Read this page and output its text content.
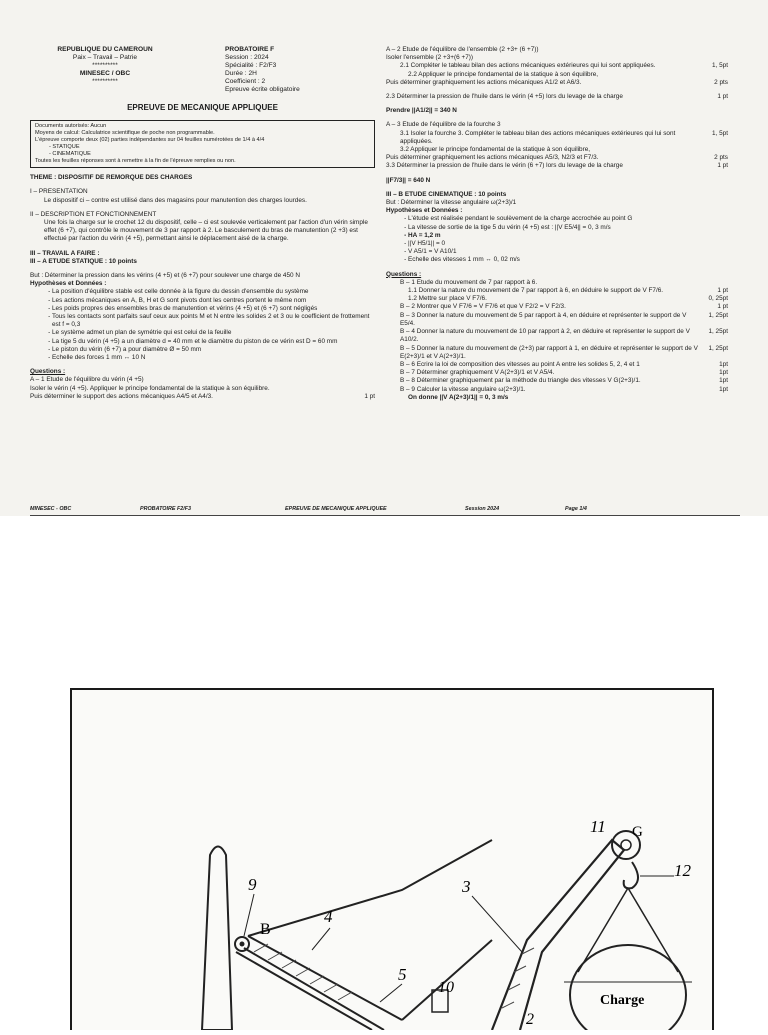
REPUBLIQUE DU CAMEROUN
Paix – Travail – Patrie
**********
MINESEC / OBC
**********
PROBATOIRE F
Session : 2024
Spécialité : F2/F3
Durée : 2H
Coefficient : 2
Epreuve écrite obligatoire
EPREUVE DE MECANIQUE APPLIQUEE
Documents autorisés: Aucun
Moyens de calcul: Calculatrice scientifique de poche non programmable.
L'épreuve comporte deux (02) parties indépendantes sur 04 feuilles numérotées de 1/4 à 4/4
- STATIQUE
- CINEMATIQUE
Toutes les feuilles réponses sont à remettre à la fin de l'épreuve remplies ou non.
THEME : DISPOSITIF DE REMORQUE DES CHARGES
I – PRESENTATION
Le dispositif ci – contre est utilisé dans des magasins pour manutention des charges lourdes.
II – DESCRIPTION ET FONCTIONNEMENT
Une fois la charge sur le crochet 12 du dispositif, celle – ci est soulevée verticalement par l'action d'un vérin simple effet (6 +7), qui contrôle le mouvement de 3 par rapport à 2. Le basculement du bras de manutention (2 +3) est effectué par l'action du vérin (4 +5), permettant ainsi le déplacement aisé de la charge.
III – TRAVAIL A FAIRE :
III – A ETUDE STATIQUE : 10 points
But : Déterminer la pression dans les vérins (4 +5) et (6 +7) pour soulever une charge de 450 N
Hypothèses et Données :
- La position d'équilibre stable est celle donnée à la figure du dessin d'ensemble du système
- Les actions mécaniques en A, B, H et G sont pivots dont les centres portent le même nom
- Les poids propres des ensembles bras de manutention et vérins (4 +5) et (6 +7) sont négligés
- Tous les contacts sont parfaits sauf ceux aux points M et N entre les solides 2 et 3 ou le coefficient de frottement est f = 0,3
- Le système admet un plan de symétrie qui est celui de la feuille
- La tige 5 du vérin (4 +5) a un diamètre d = 40 mm et le diamètre du piston de ce vérin est D = 60 mm
- Le piston du vérin (6 +7) a pour diamètre Ø = 50 mm
- Echelle des forces 1 mm ↔ 10 N
Questions :
A – 1 Etude de l'équilibre du vérin (4 +5)
Isoler le vérin (4 +5). Appliquer le principe fondamental de la statique à son équilibre.
Puis déterminer le support des actions mécaniques A4/5 et A4/3.	1 pt
A – 2 Etude de l'équilibre de l'ensemble (2 +3+ (6 +7))
Isoler l'ensemble (2 +3+(6 +7))
2.1 Compléter le tableau bilan des actions mécaniques extérieures qui lui sont appliquées.	1, 5pt
2.2 Appliquer le principe fondamental de la statique à son équilibre,
Puis déterminer graphiquement les actions mécaniques A1/2 et A6/3.	2 pts
2.3 Déterminer la pression de l'huile dans le vérin (4 +5) lors du levage de la charge	1 pt
Prendre ||A1/2|| = 340 N
A – 3 Etude de l'équilibre de la fourche 3
3.1 Isoler la fourche 3. Compléter le tableau bilan des actions mécaniques extérieures qui lui sont appliquées.
1, 5pt
3.2 Appliquer le principe fondamental de la statique à son équilibre,
Puis déterminer graphiquement les actions mécaniques A5/3, N2/3 et F7/3.	2 pts
3.3 Déterminer la pression de l'huile dans le vérin (6 +7) lors du levage de la charge	1 pt
||F7/3|| = 640 N
III – B ETUDE CINEMATIQUE : 10 points
But : Déterminer la vitesse angulaire ω(2+3)/1
Hypothèses et Données :
- L'étude est réalisée pendant le soulèvement de la charge accrochée au point G
- La vitesse de sortie de la tige 5 du vérin (4 +5) est : ||V E5/4|| = 0, 3 m/s
- HA = 1,2 m
- ||V H5/1|| = 0
- V A5/1 = V A10/1
- Echelle des vitesses 1 mm ↔ 0, 02 m/s
Questions :
B – 1 Etude du mouvement de 7 par rapport à 6.
1.1 Donner la nature du mouvement de 7 par rapport à 6, en déduire le support de V F7/6.	1 pt
1.2 Mettre sur place V F7/6.	0, 25pt
B – 2 Montrer que V F7/6 = V F7/6 et que V F2/2 = V F2/3.	1 pt
B – 3 Donner la nature du mouvement de 5 par rapport à 4, en déduire et représenter le support de V E5/4.
1, 25pt
B – 4 Donner la nature du mouvement de 10 par rapport à 2, en déduire et représenter le support de V A10/2.
1, 25pt
B – 5 Donner la nature du mouvement de (2+3) par rapport à 1, en déduire et représenter le support de V E(2+3)/1 et V A(2+3)/1.
1, 25pt
B – 6 Ecrire la loi de composition des vitesses au point A entre les solides 5, 2, 4 et 1	1pt
B – 7 Déterminer graphiquement V A(2+3)/1 et V A5/4.	1pt
B – 8 Déterminer graphiquement par la méthode du triangle des vitesses V G(2+3)/1.	1pt
B – 9 Calculer la vitesse angulaire ω(2+3)/1.	1pt
On donne ||V A(2+3)/1|| = 0, 3 m/s
MINESEC - OBC	PROBATOIRE F2/F3	EPREUVE DE MECANIQUE APPLIQUEE	Session 2024	Page 1/4
9
B
4
5
10
2
3
11 G
12
Charge
